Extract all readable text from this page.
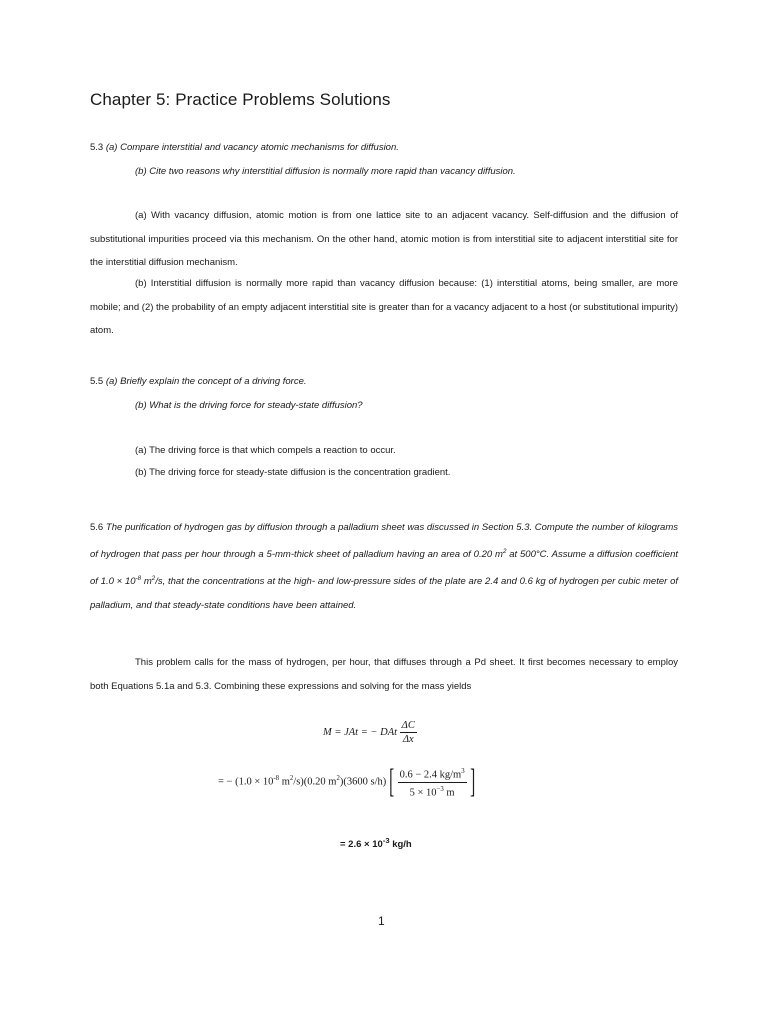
Chapter 5: Practice Problems Solutions
5.3 (a) Compare interstitial and vacancy atomic mechanisms for diffusion.
(b) Cite two reasons why interstitial diffusion is normally more rapid than vacancy diffusion.
(a) With vacancy diffusion, atomic motion is from one lattice site to an adjacent vacancy. Self-diffusion and the diffusion of substitutional impurities proceed via this mechanism. On the other hand, atomic motion is from interstitial site to adjacent interstitial site for the interstitial diffusion mechanism.
(b) Interstitial diffusion is normally more rapid than vacancy diffusion because: (1) interstitial atoms, being smaller, are more mobile; and (2) the probability of an empty adjacent interstitial site is greater than for a vacancy adjacent to a host (or substitutional impurity) atom.
5.5 (a) Briefly explain the concept of a driving force.
(b) What is the driving force for steady-state diffusion?
(a) The driving force is that which compels a reaction to occur.
(b) The driving force for steady-state diffusion is the concentration gradient.
5.6 The purification of hydrogen gas by diffusion through a palladium sheet was discussed in Section 5.3. Compute the number of kilograms of hydrogen that pass per hour through a 5-mm-thick sheet of palladium having an area of 0.20 $m^2$ at 500°C. Assume a diffusion coefficient of $1.0 \times 10^{-8}$ $m^2/s$, that the concentrations at the high- and low-pressure sides of the plate are 2.4 and 0.6 kg of hydrogen per cubic meter of palladium, and that steady-state conditions have been attained.
This problem calls for the mass of hydrogen, per hour, that diffuses through a Pd sheet. It first becomes necessary to employ both Equations 5.1a and 5.3. Combining these expressions and solving for the mass yields
M = JAt = − DAt $\frac{\Delta C}{\Delta x}$
= − ($1.0 \times 10^{-8}$ $m^2/s)(0.20$ $m^2)(3600$ $s/h)[ \frac{0.6 - 2.4 kg/m^3}{5 \times 10^{-3} m}$ ]
= $2.6 \times 10^{-3}$ kg/h
1
